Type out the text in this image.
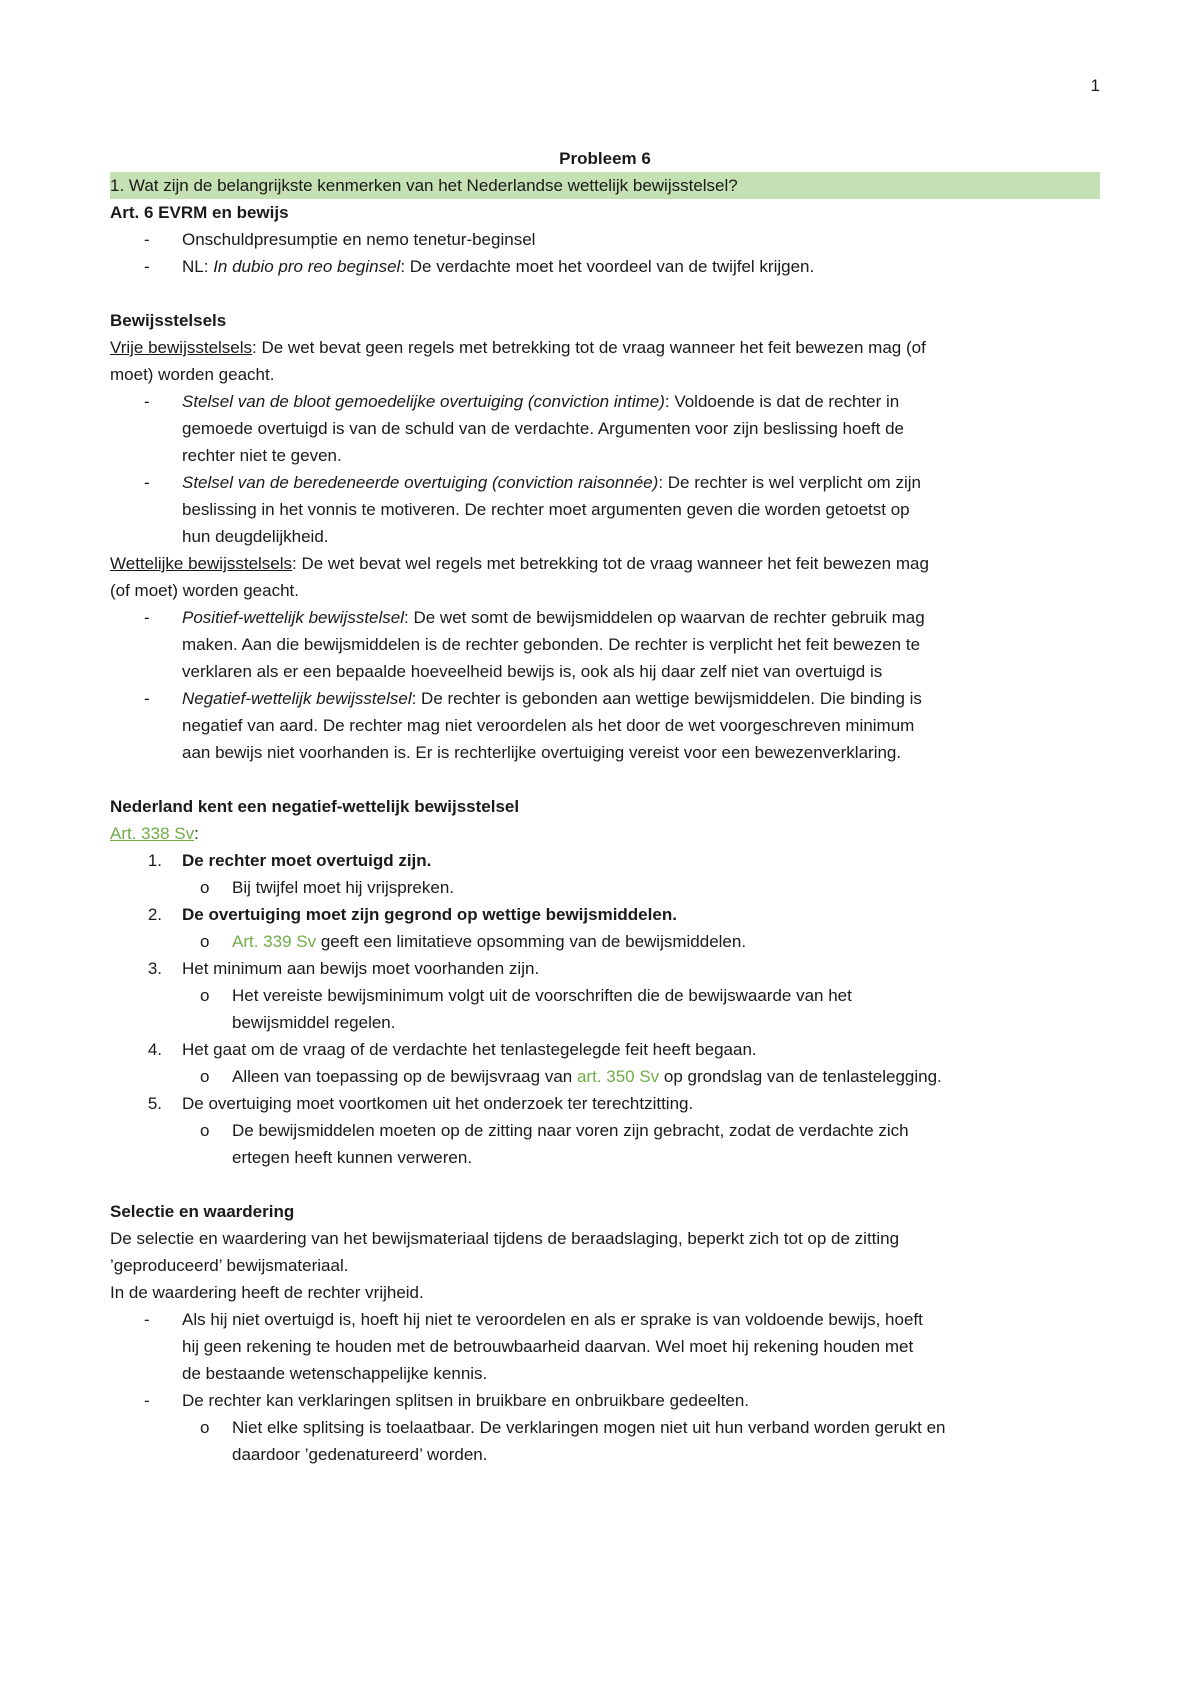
1
Probleem 6
1. Wat zijn de belangrijkste kenmerken van het Nederlandse wettelijk bewijsstelsel?
Art. 6 EVRM en bewijs
-	Onschuldpresumptie en nemo tenetur-beginsel
-	NL: In dubio pro reo beginsel: De verdachte moet het voordeel van de twijfel krijgen.
Bewijsstelsels
Vrije bewijsstelsels: De wet bevat geen regels met betrekking tot de vraag wanneer het feit bewezen mag (of
moet) worden geacht.
-	Stelsel van de bloot gemoedelijke overtuiging (conviction intime): Voldoende is dat de rechter in
gemoede overtuigd is van de schuld van de verdachte. Argumenten voor zijn beslissing hoeft de
rechter niet te geven.
-	Stelsel van de beredeneerde overtuiging (conviction raisonnée): De rechter is wel verplicht om zijn
beslissing in het vonnis te motiveren. De rechter moet argumenten geven die worden getoetst op
hun deugdelijkheid.
Wettelijke bewijsstelsels: De wet bevat wel regels met betrekking tot de vraag wanneer het feit bewezen mag
(of moet) worden geacht.
-	Positief-wettelijk bewijsstelsel: De wet somt de bewijsmiddelen op waarvan de rechter gebruik mag
maken. Aan die bewijsmiddelen is de rechter gebonden. De rechter is verplicht het feit bewezen te
verklaren als er een bepaalde hoeveelheid bewijs is, ook als hij daar zelf niet van overtuigd is
-	Negatief-wettelijk bewijsstelsel: De rechter is gebonden aan wettige bewijsmiddelen. Die binding is
negatief van aard. De rechter mag niet veroordelen als het door de wet voorgeschreven minimum
aan bewijs niet voorhanden is. Er is rechterlijke overtuiging vereist voor een bewezenverklaring.
Nederland kent een negatief-wettelijk bewijsstelsel
Art. 338 Sv:
1. De rechter moet overtuigd zijn.
o	Bij twijfel moet hij vrijspreken.
2. De overtuiging moet zijn gegrond op wettige bewijsmiddelen.
o	Art. 339 Sv geeft een limitatieve opsomming van de bewijsmiddelen.
3. Het minimum aan bewijs moet voorhanden zijn.
o	Het vereiste bewijsminimum volgt uit de voorschriften die de bewijswaarde van het
bewijsmiddel regelen.
4. Het gaat om de vraag of de verdachte het tenlastegelegde feit heeft begaan.
o	Alleen van toepassing op de bewijsvraag van art. 350 Sv op grondslag van de tenlastelegging.
5. De overtuiging moet voortkomen uit het onderzoek ter terechtzitting.
o	De bewijsmiddelen moeten op de zitting naar voren zijn gebracht, zodat de verdachte zich
ertegen heeft kunnen verweren.
Selectie en waardering
De selectie en waardering van het bewijsmateriaal tijdens de beraadslaging, beperkt zich tot op de zitting
’geproduceerd’ bewijsmateriaal.
In de waardering heeft de rechter vrijheid.
-	Als hij niet overtuigd is, hoeft hij niet te veroordelen en als er sprake is van voldoende bewijs, hoeft
hij geen rekening te houden met de betrouwbaarheid daarvan. Wel moet hij rekening houden met
de bestaande wetenschappelijke kennis.
-	De rechter kan verklaringen splitsen in bruikbare en onbruikbare gedeelten.
o	Niet elke splitsing is toelaatbaar. De verklaringen mogen niet uit hun verband worden gerukt en
daardoor ’gedenatureerd’ worden.
